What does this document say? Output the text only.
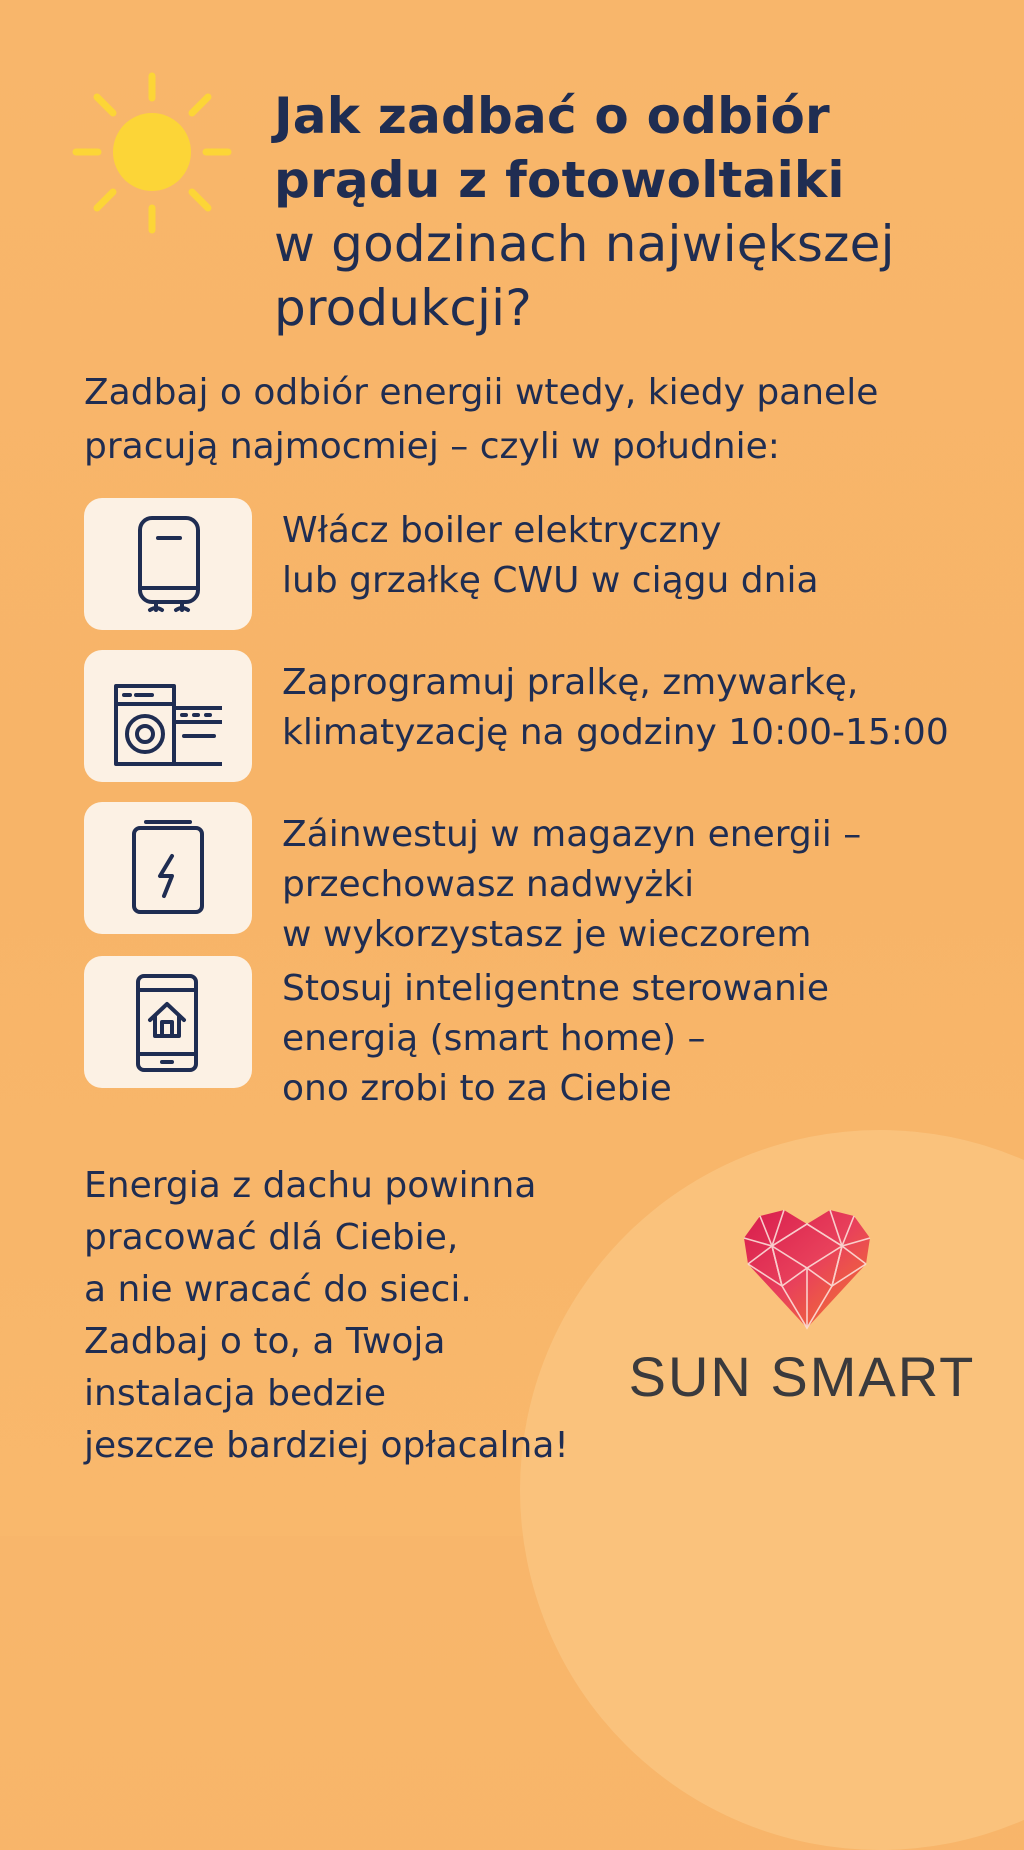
Jak zadbać o odbiór
prądu z fotowoltaiki
w godzinach największej
produkcji?
Zadbaj o odbiór energii wtedy, kiedy panele
pracują najmocmiej – czyli w południe:
Włácz boiler elektryczny
lub grzałkę CWU w ciągu dnia
Zaprogramuj pralkę, zmywarkę,
klimatyzację na godziny 10:00-15:00
Záinwestuj w magazyn energii –
przechowasz nadwyżki
w wykorzystasz je wieczorem
Stosuj inteligentne sterowanie
energią (smart home) –
ono zrobi to za Ciebie
Energia z dachu powinna
pracować dlá Ciebie,
a nie wracać do sieci.
Zadbaj o to, a Twoja
instalacja bedzie
jeszcze bardziej opłacalna!
SUN SMART
